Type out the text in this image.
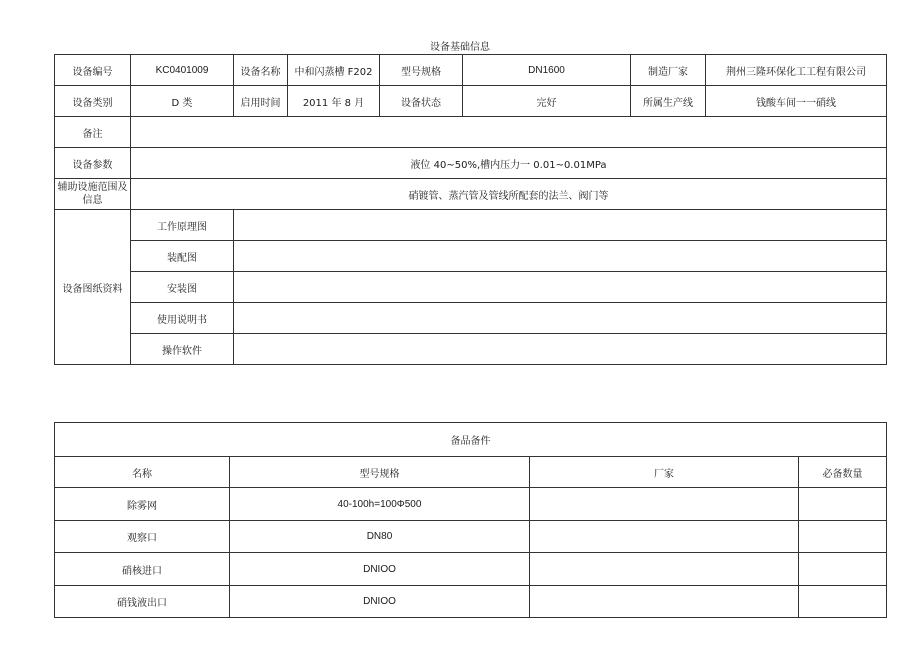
设备基础信息
设备编号	KC0401009	设备名称	中和闪蒸槽 F202	型号规格	DN1600	制造厂家	荆州三隆环保化工工程有限公司
设备类别	D 类	启用时间	2011 年 8 月	设备状态	完好	所属生产线	钱酸车间一一硝线
备注							
设备参数	液位 40~50%,槽内压力一 0.01~0.01MPa						
辅助设施范围及信息	硝镀管、蒸汽管及管线所配套的法兰、阀门等						
设备图纸资料	工作原理图						
	装配图						
	安装图						
	使用说明书						
	操作软件						
备品备件			
名称	型号规格	厂家	必备数量
除雾网	40-100h=100Φ500		
观察口	DN80		
硝核进口	DNIOO		
硝钱液出口	DNIOO		
